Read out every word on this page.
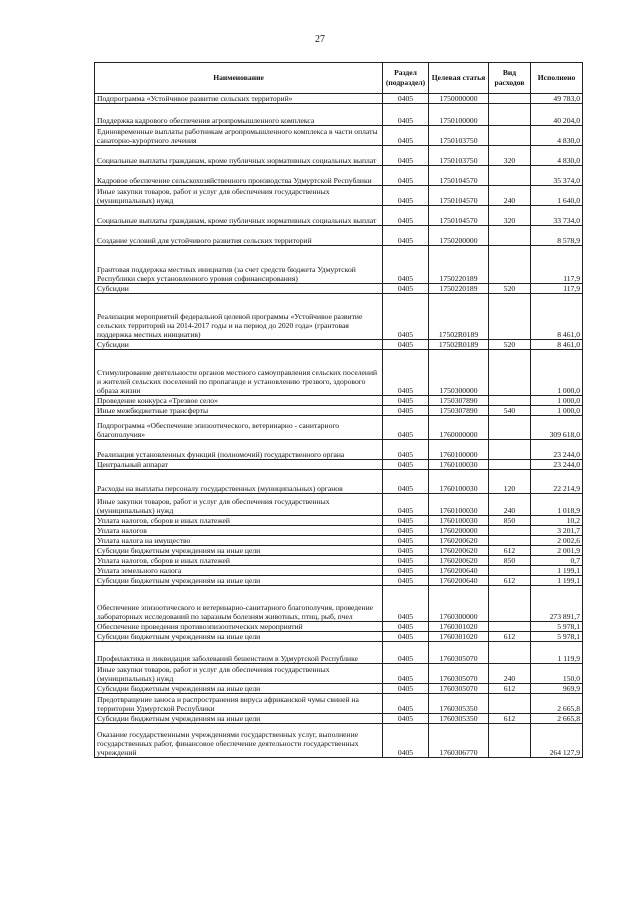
27
Наименование	Раздел (подраздел)	Целевая статья	Вид расходов	Исполнено
Подпрограмма «Устойчивое развитие сельских территорий»	0405	1750000000		49 783,0
Поддержка кадрового обеспечения агропромышленного комплекса	0405	1750100000		40 204,0
Единовременные выплаты работникам агропромышленного комплекса в части оплаты санаторно-курортного лечения	0405	1750103750		4 830,0
Социальные выплаты гражданам, кроме публичных нормативных социальных выплат	0405	1750103750	320	4 830,0
Кадровое обеспечение сельскохозяйственного производства Удмуртской Республики	0405	1750104570		35 374,0
Иные закупки товаров, работ и услуг для обеспечения государственных (муниципальных) нужд	0405	1750104570	240	1 640,0
Социальные выплаты гражданам, кроме публичных нормативных социальных выплат	0405	1750104570	320	33 734,0
Создание условий для устойчивого развития сельских территорий	0405	1750200000		8 578,9
Грантовая поддержка местных инициатив (за счет средств бюджета Удмуртской Республики сверх установленного уровня софинансирования)	0405	1750220189		117,9
Субсидии	0405	1750220189	520	117,9
Реализация мероприятий федеральной целевой программы «Устойчивое развитие сельских территорий на 2014-2017 годы и на период до 2020 года» (грантовая поддержка местных инициатив)	0405	17502R0189		8 461,0
Субсидии	0405	17502R0189	520	8 461,0
Стимулирование деятельности органов местного самоуправления сельских поселений и жителей сельских поселений по пропаганде и установлению трезвого, здорового образа жизни	0405	1750300000		1 000,0
Проведение конкурса «Трезвое село»	0405	1750307890		1 000,0
Иные межбюджетные трансферты	0405	1750307890	540	1 000,0
Подпрограмма «Обеспечение эпизоотического, ветеринарно - санитарного благополучия»	0405	1760000000		309 618,0
Реализация установленных функций (полномочий) государственного органа	0405	1760100000		23 244,0
Центральный аппарат	0405	1760100030		23 244,0
Расходы на выплаты персоналу государственных (муниципальных) органов	0405	1760100030	120	22 214,9
Иные закупки товаров, работ и услуг для обеспечения государственных (муниципальных) нужд	0405	1760100030	240	1 018,9
Уплата налогов, сборов и иных платежей	0405	1760100030	850	10,2
Уплата налогов	0405	1760200000		3 201,7
Уплата налога на имущество	0405	1760200620		2 002,6
Субсидии бюджетным учреждениям на иные цели	0405	1760200620	612	2 001,9
Уплата налогов, сборов и иных платежей	0405	1760200620	850	0,7
Уплата земельного налога	0405	1760200640		1 199,1
Субсидии бюджетным учреждениям на иные цели	0405	1760200640	612	1 199,1
Обеспечение эпизоотического и ветеринарно-санитарного благополучия, проведение лабораторных исследований по заразным болезням животных, птиц, рыб, пчел	0405	1760300000		273 891,7
Обеспечение проведения противоэпизоотических мероприятий	0405	1760301020		5 978,1
Субсидии бюджетным учреждениям на иные цели	0405	1760301020	612	5 978,1
Профилактика и ликвидация заболеваний бешенством в Удмуртской Республике	0405	1760305070		1 119,9
Иные закупки товаров, работ и услуг для обеспечения государственных (муниципальных) нужд	0405	1760305070	240	150,0
Субсидии бюджетным учреждениям на иные цели	0405	1760305070	612	969,9
Предотвращение заноса и распространения вируса африканской чумы свиней на территории Удмуртской Республики	0405	1760305350		2 665,8
Субсидии бюджетным учреждениям на иные цели	0405	1760305350	612	2 665,8
Оказание государственными учреждениями государственных услуг, выполнение государственных работ, финансовое обеспечение деятельности государственных учреждений	0405	1760306770		264 127,9
